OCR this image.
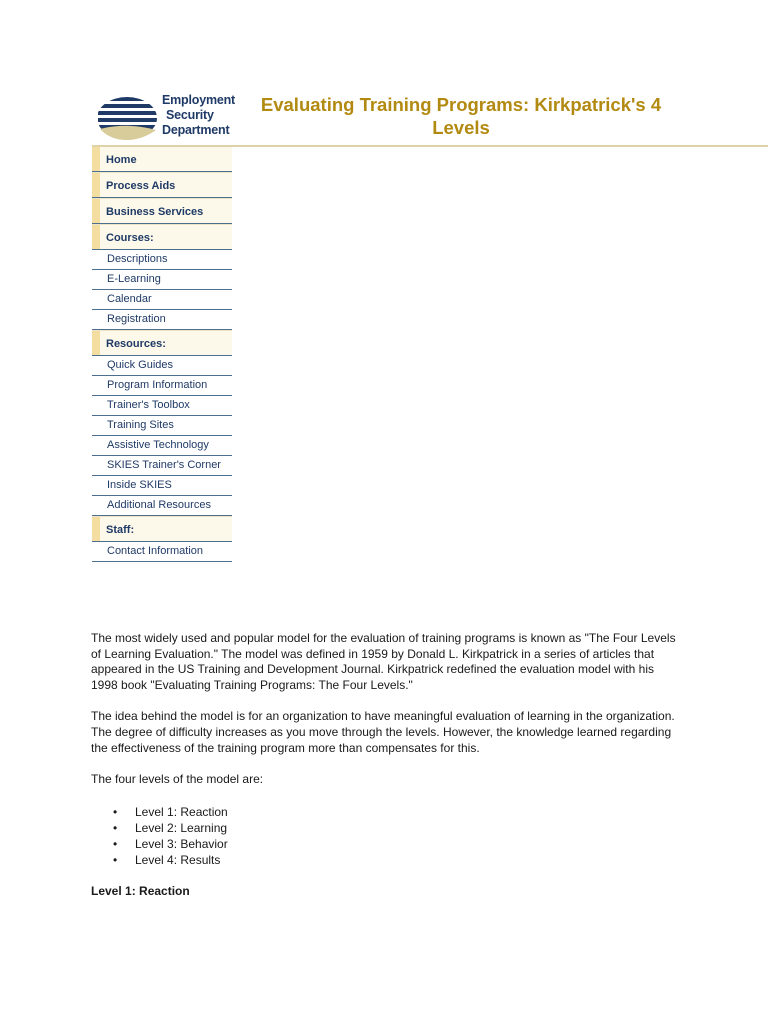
Employment
Security
Department
Evaluating Training Programs: Kirkpatrick's 4 Levels
Home
Process Aids
Business Services
Courses:
Descriptions
E-Learning
Calendar
Registration
Resources:
Quick Guides
Program Information
Trainer's Toolbox
Training Sites
Assistive Technology
SKIES Trainer's Corner
Inside SKIES
Additional Resources
Staff:
Contact Information

The most widely used and popular model for the evaluation of training programs is known as "The Four Levels of Learning Evaluation." The model was defined in 1959 by Donald L. Kirkpatrick in a series of articles that appeared in the US Training and Development Journal. Kirkpatrick redefined the evaluation model with his 1998 book "Evaluating Training Programs: The Four Levels."

The idea behind the model is for an organization to have meaningful evaluation of learning in the organization. The degree of difficulty increases as you move through the levels. However, the knowledge learned regarding the effectiveness of the training program more than compensates for this.

The four levels of the model are:

• Level 1: Reaction
• Level 2: Learning
• Level 3: Behavior
• Level 4: Results
Level 1: Reaction
